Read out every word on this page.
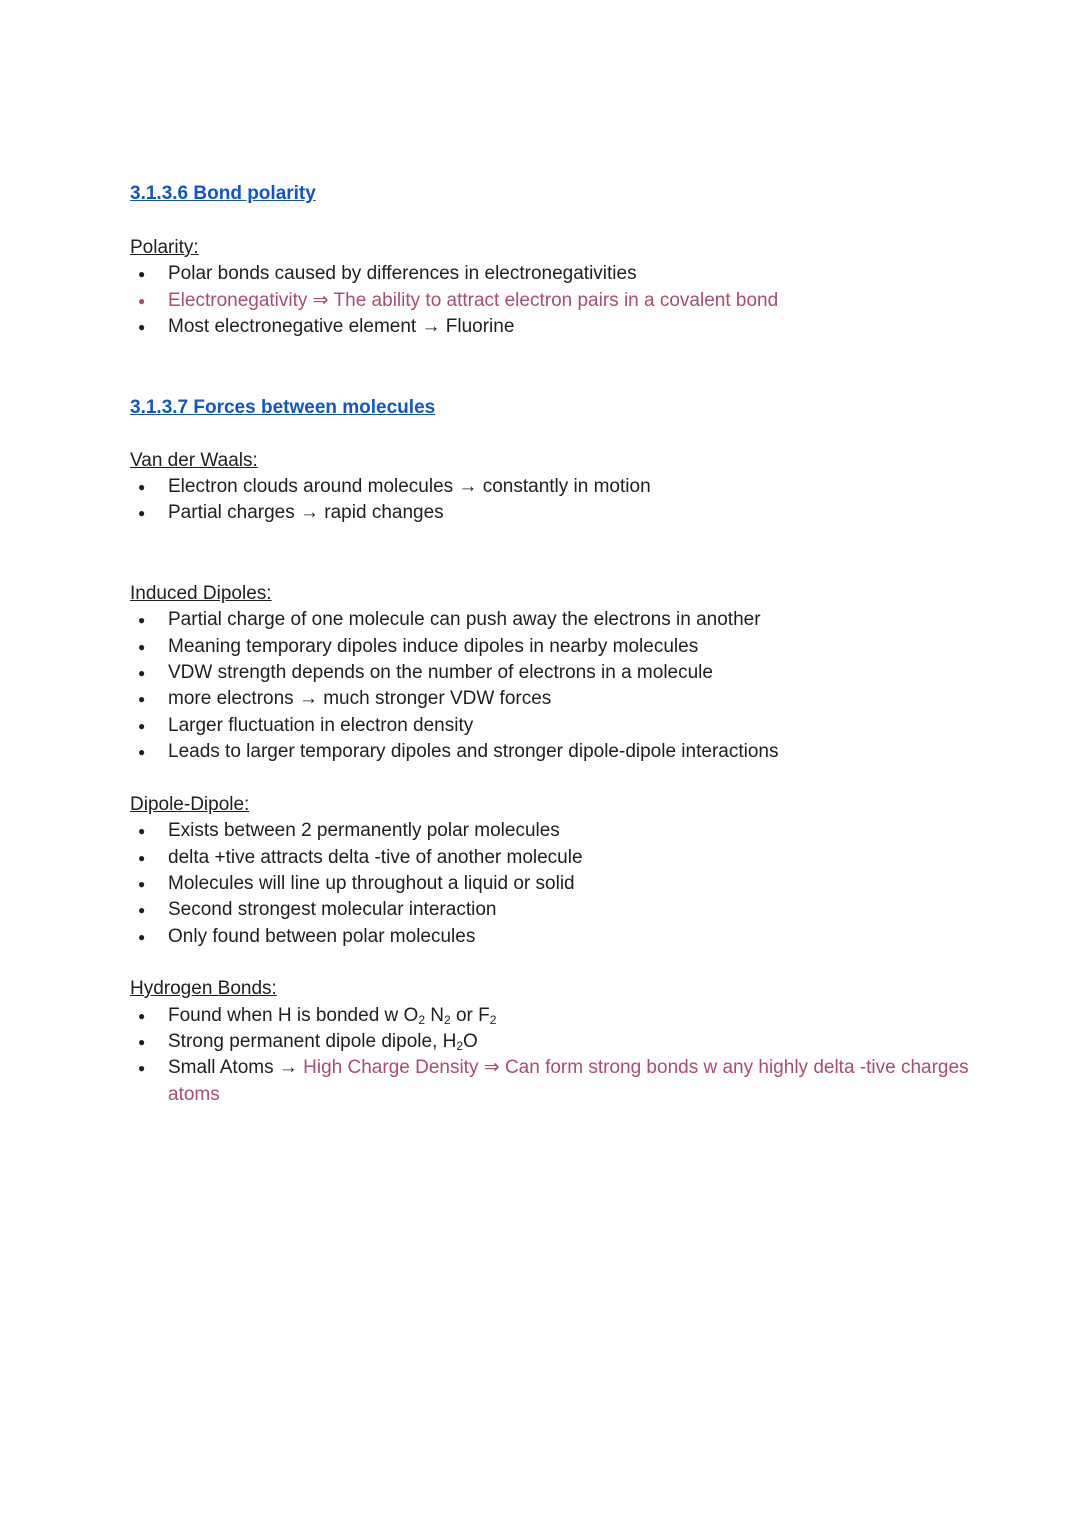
3.1.3.6 Bond polarity
Polarity:
● Polar bonds caused by differences in electronegativities
● Electronegativity ⇒ The ability to attract electron pairs in a covalent bond
● Most electronegative element → Fluorine
3.1.3.7 Forces between molecules
Van der Waals:
● Electron clouds around molecules → constantly in motion
● Partial charges → rapid changes
Induced Dipoles:
● Partial charge of one molecule can push away the electrons in another
● Meaning temporary dipoles induce dipoles in nearby molecules
● VDW strength depends on the number of electrons in a molecule
● more electrons → much stronger VDW forces
● Larger fluctuation in electron density
● Leads to larger temporary dipoles and stronger dipole-dipole interactions
Dipole-Dipole:
● Exists between 2 permanently polar molecules
● delta +tive attracts delta -tive of another molecule
● Molecules will line up throughout a liquid or solid
● Second strongest molecular interaction
● Only found between polar molecules
Hydrogen Bonds:
● Found when H is bonded w $O_2$ $N_2$ or $F_2$
● Strong permanent dipole dipole, $H_2O$
● Small Atoms → High Charge Density ⇒ Can form strong bonds w any highly delta -tive charges atoms
